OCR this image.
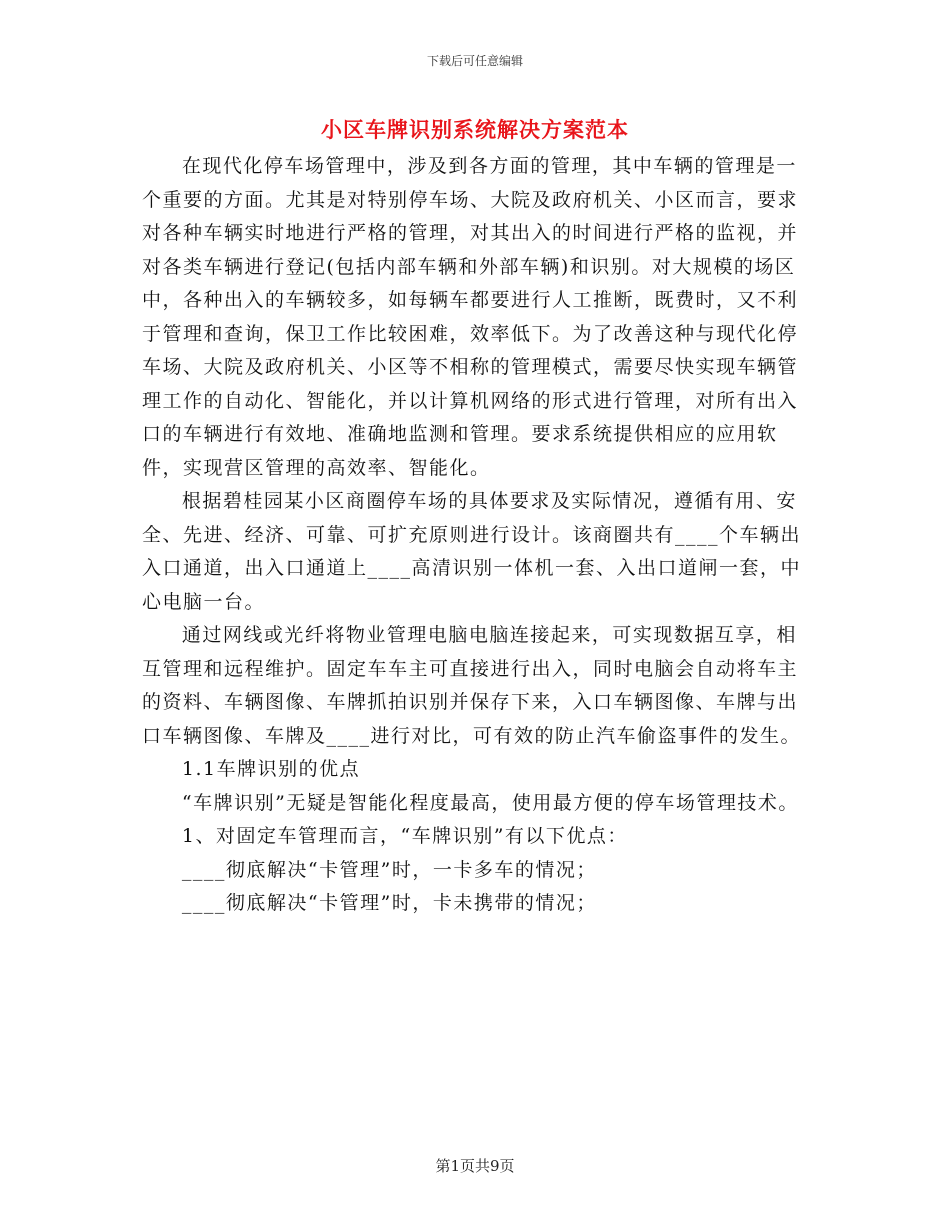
下载后可任意编辑
小区车牌识别系统解决方案范本

在现代化停车场管理中，涉及到各方面的管理，其中车辆的管理是一个重要的方面。尤其是对特别停车场、大院及政府机关、小区而言，要求对各种车辆实时地进行严格的管理，对其出入的时间进行严格的监视，并对各类车辆进行登记(包括内部车辆和外部车辆)和识别。对大规模的场区中，各种出入的车辆较多，如每辆车都要进行人工推断，既费时，又不利于管理和查询，保卫工作比较困难，效率低下。为了改善这种与现代化停车场、大院及政府机关、小区等不相称的管理模式，需要尽快实现车辆管理工作的自动化、智能化，并以计算机网络的形式进行管理，对所有出入口的车辆进行有效地、准确地监测和管理。要求系统提供相应的应用软件，实现营区管理的高效率、智能化。

根据碧桂园某小区商圈停车场的具体要求及实际情况，遵循有用、安全、先进、经济、可靠、可扩充原则进行设计。该商圈共有____个车辆出入口通道，出入口通道上____高清识别一体机一套、入出口道闸一套，中心电脑一台。

通过网线或光纤将物业管理电脑电脑连接起来，可实现数据互享，相互管理和远程维护。固定车车主可直接进行出入，同时电脑会自动将车主的资料、车辆图像、车牌抓拍识别并保存下来，入口车辆图像、车牌与出口车辆图像、车牌及____进行对比，可有效的防止汽车偷盗事件的发生。

1.1车牌识别的优点

“车牌识别”无疑是智能化程度最高，使用最方便的停车场管理技术。

1、对固定车管理而言，“车牌识别”有以下优点：

____彻底解决“卡管理”时，一卡多车的情况；

____彻底解决“卡管理”时，卡未携带的情况；

第1页共9页
